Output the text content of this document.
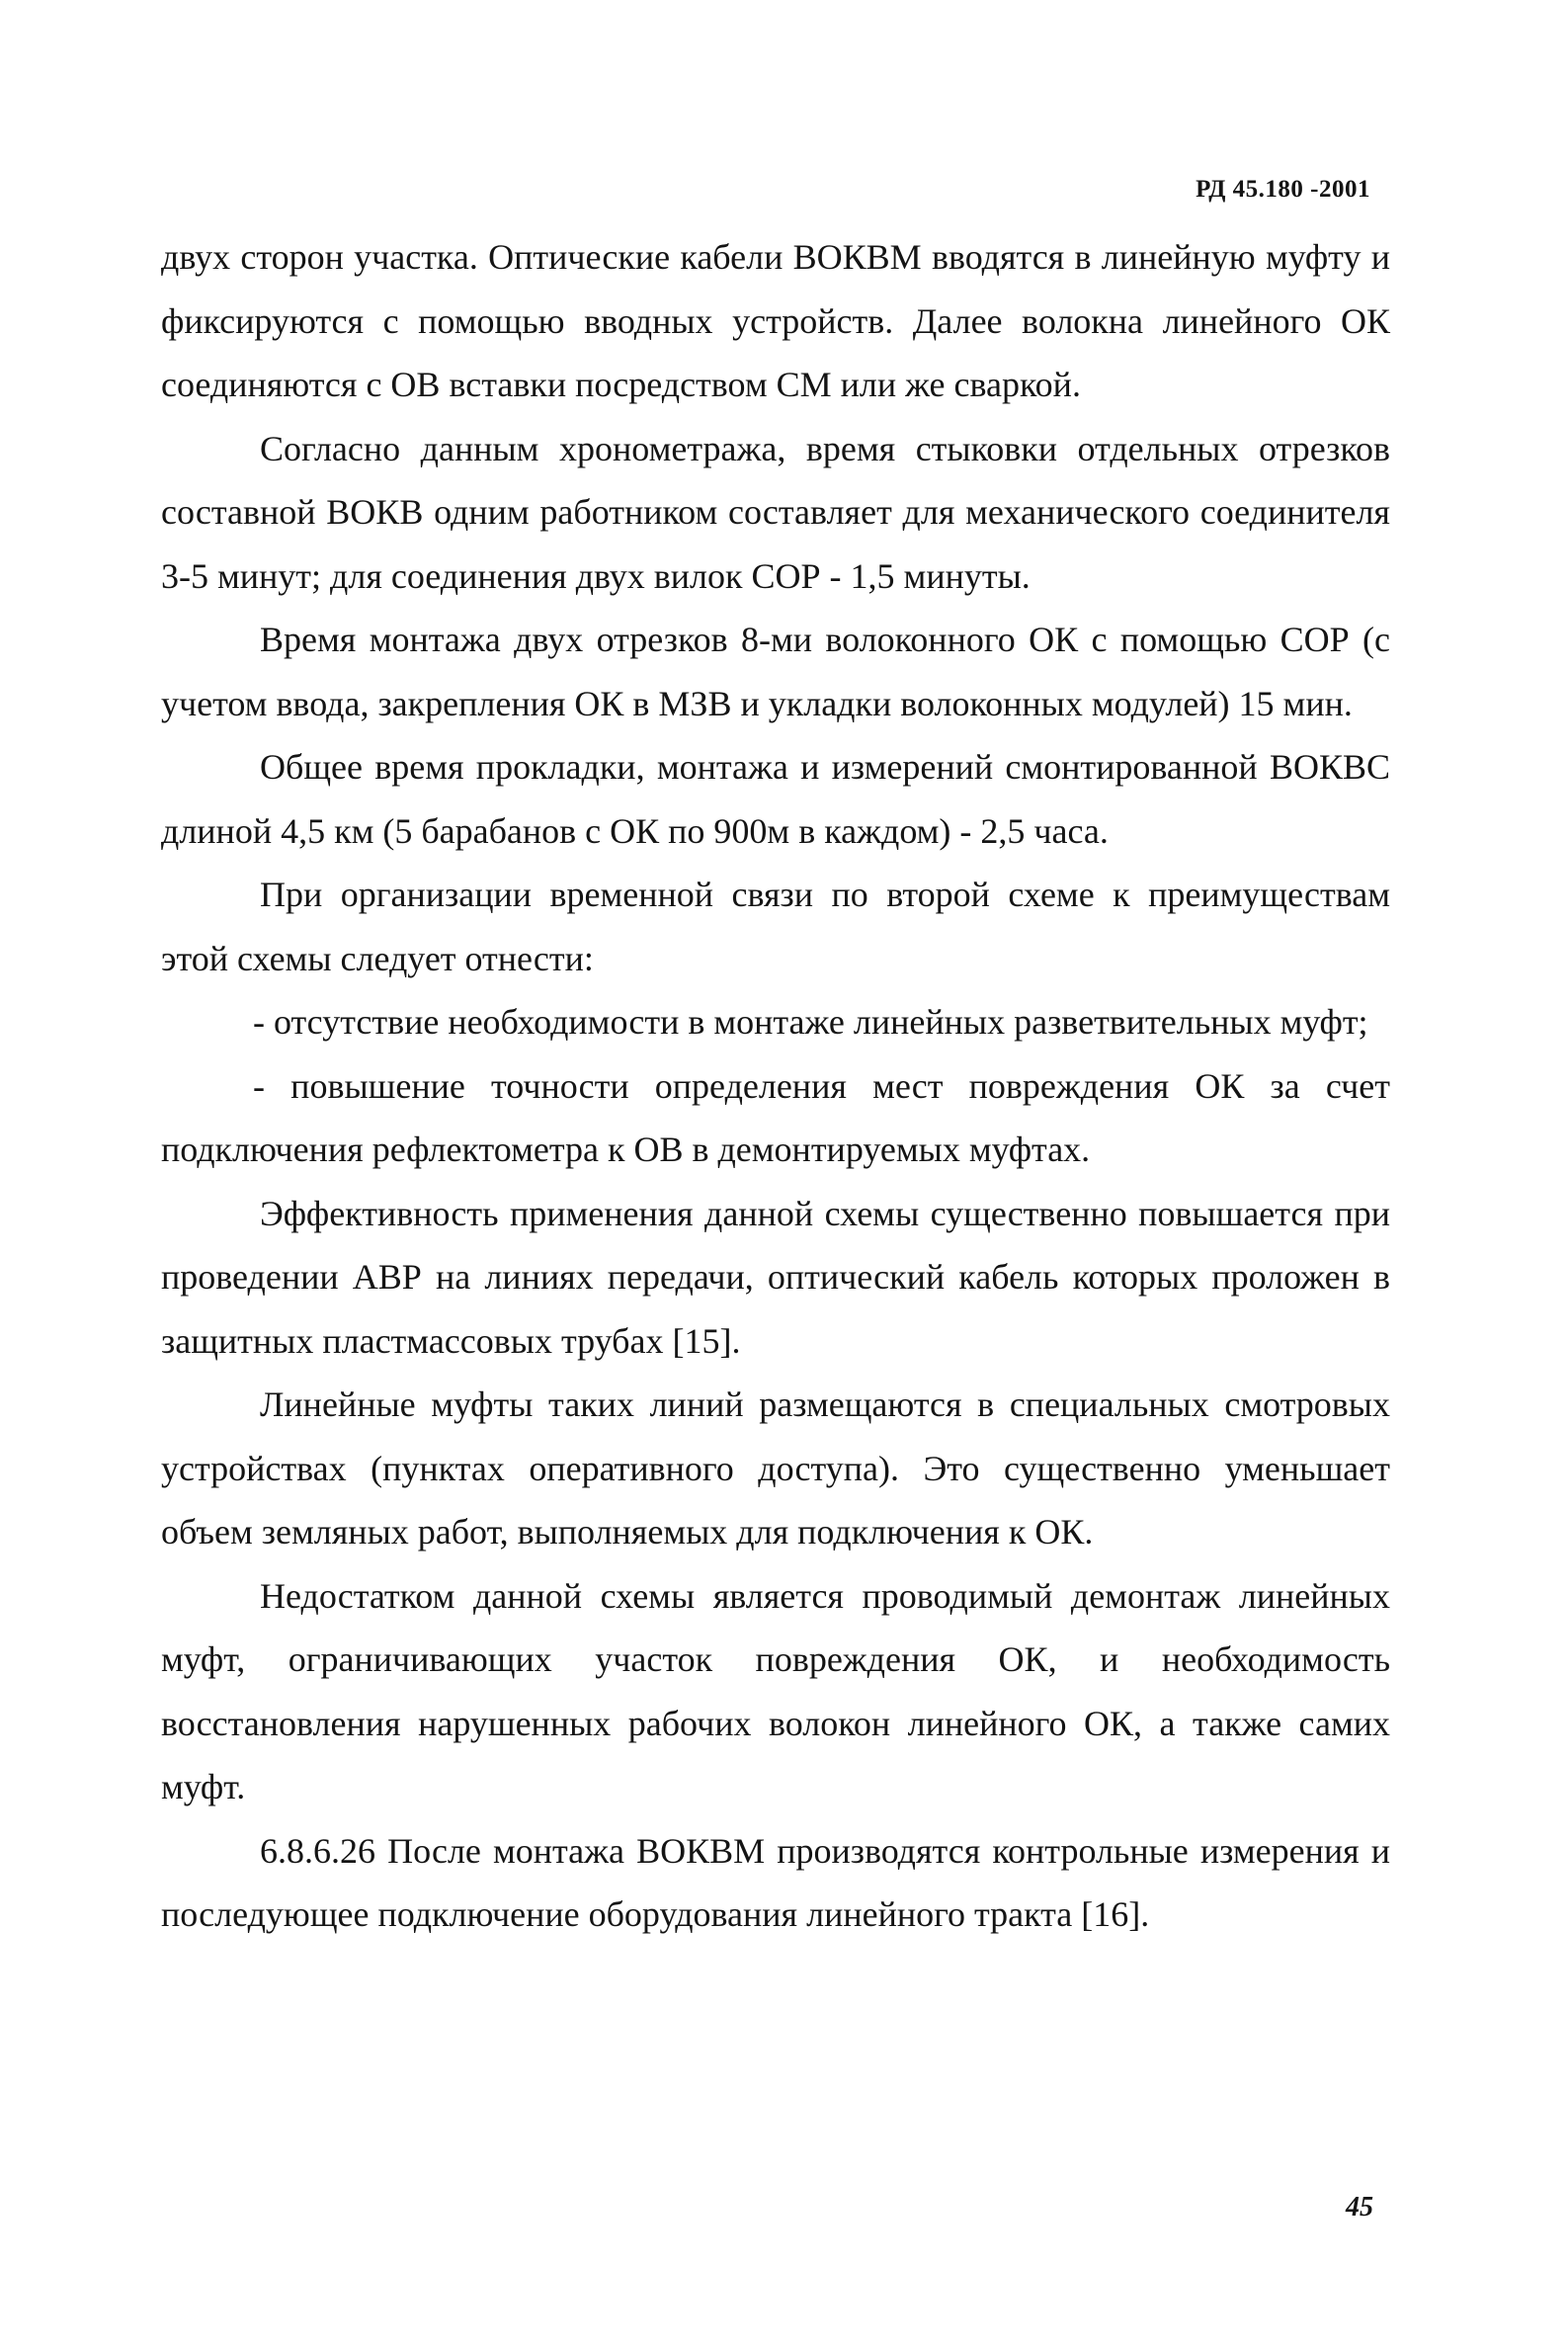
РД 45.180 -2001

двух сторон участка. Оптические кабели ВОКВМ вводятся в линейную муфту и фиксируются с помощью вводных устройств. Далее волокна линейного ОК соединяются с ОВ вставки посредством СМ или же сваркой.

Согласно данным хронометража, время стыковки отдельных отрезков составной ВОКВ одним работником составляет для механического соединителя 3-5 минут; для соединения двух вилок СОР - 1,5 минуты.

Время монтажа двух отрезков 8-ми волоконного ОК с помощью СОР (с учетом ввода, закрепления ОК в МЗВ и укладки волоконных модулей) 15 мин.

Общее время прокладки, монтажа и измерений смонтированной ВОКВС длиной 4,5 км (5 барабанов с ОК по 900м в каждом) - 2,5 часа.

При организации временной связи по второй схеме к преимуществам этой схемы следует отнести:

- отсутствие необходимости в монтаже линейных разветвительных муфт;

- повышение точности определения мест повреждения ОК за счет подключения рефлектометра к ОВ в демонтируемых муфтах.

Эффективность применения данной схемы существенно повышается при проведении АВР на линиях передачи, оптический кабель которых проложен в защитных пластмассовых трубах [15].

Линейные муфты таких линий размещаются в специальных смотровых устройствах (пунктах оперативного доступа). Это существенно уменьшает объем земляных работ, выполняемых для подключения к ОК.

Недостатком данной схемы является проводимый демонтаж линейных муфт, ограничивающих участок повреждения ОК, и необходимость восстановления нарушенных рабочих волокон линейного ОК, а также самих муфт.

6.8.6.26 После монтажа ВОКВМ производятся контрольные измерения и последующее подключение оборудования линейного тракта [16].

45
